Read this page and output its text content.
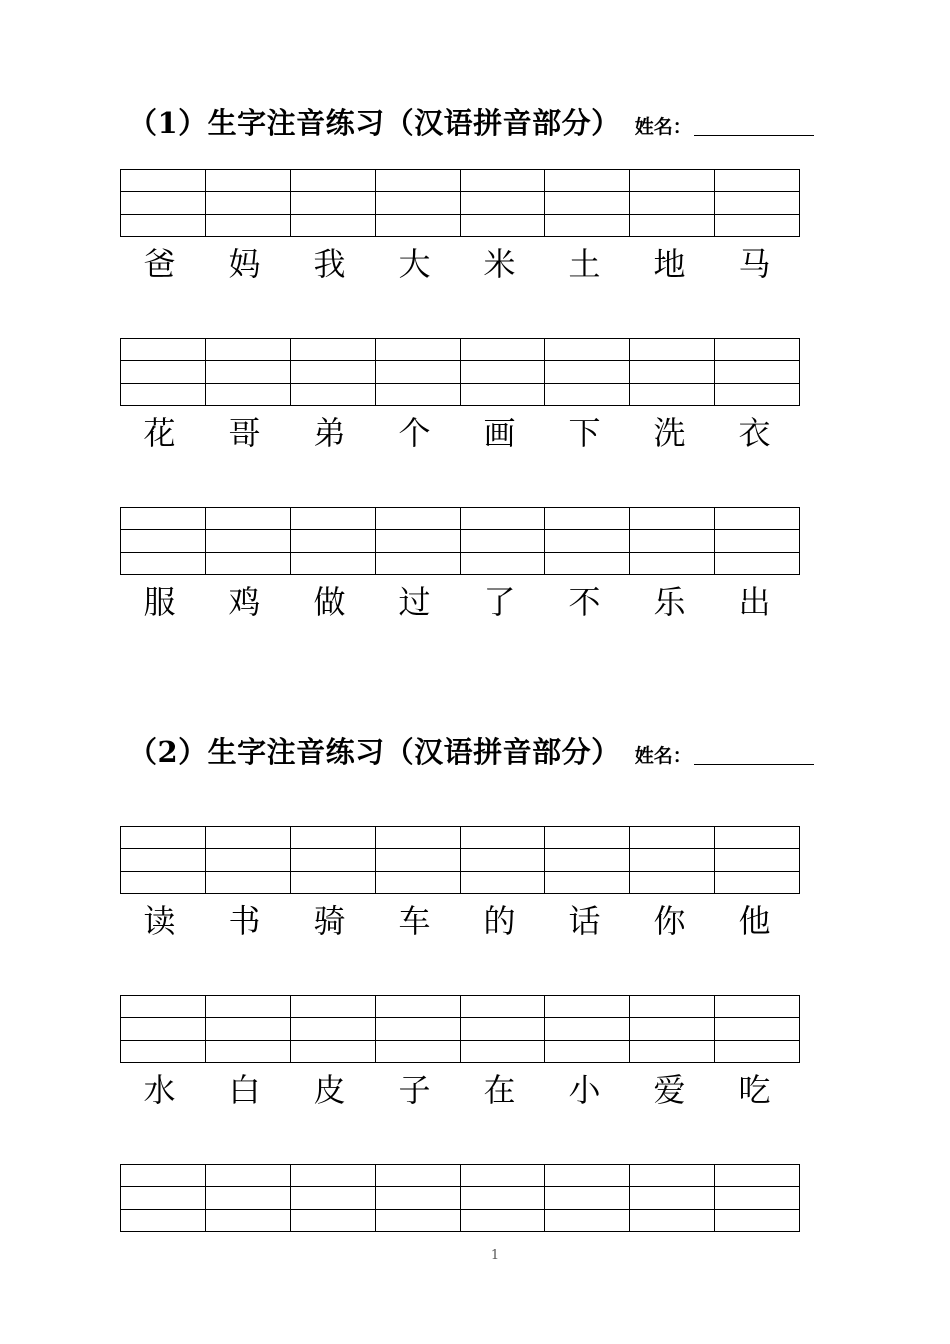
（1）生字注音练习（汉语拼音部分） 姓名：

爸	妈	我	大	米	土	地	马

花	哥	弟	个	画	下	洗	衣

服	鸡	做	过	了	不	乐	出

读	书	骑	车	的	话	你	他

水	白	皮	子	在	小	爱	吃

（2）生字注音练习（汉语拼音部分） 姓名：
1
